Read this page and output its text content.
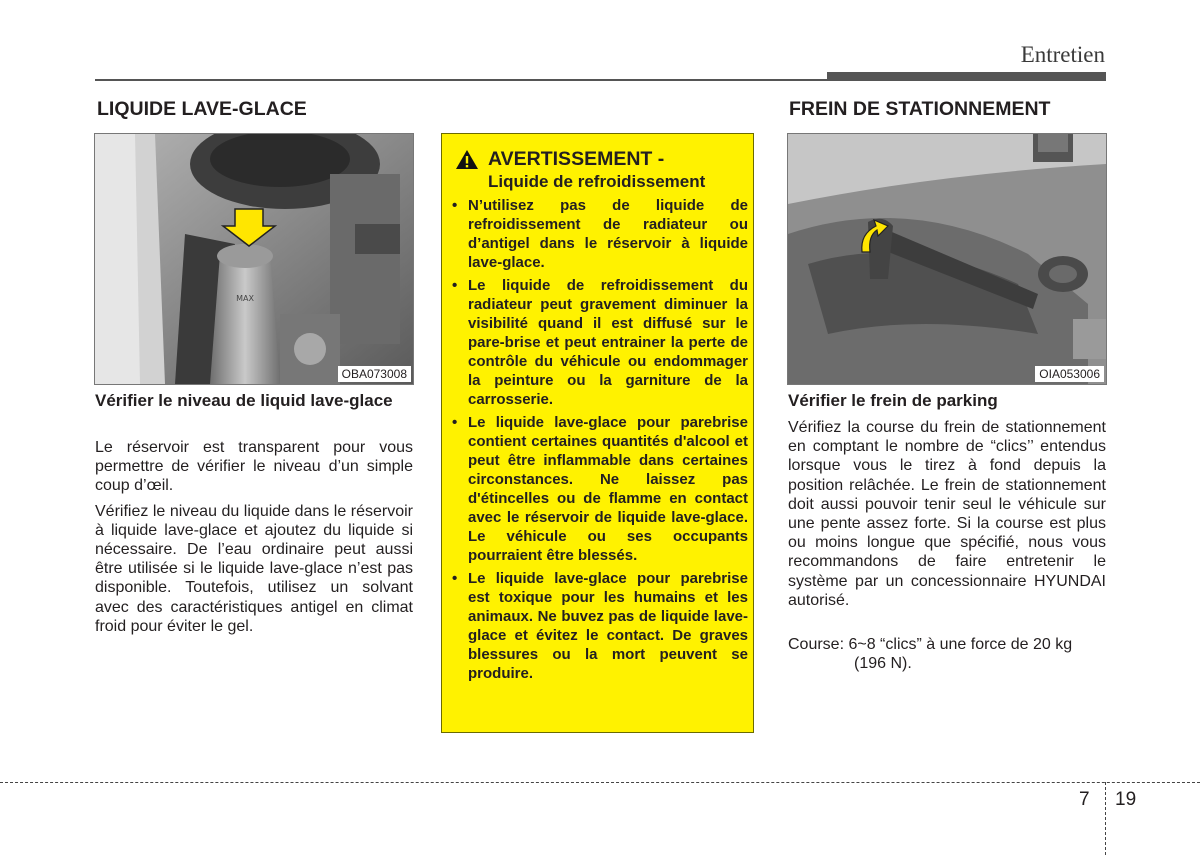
Entretien
LIQUIDE LAVE-GLACE
MAX
OBA073008
Vérifier le niveau de liquid lave-glace

Le réservoir est transparent pour vous permettre de vérifier le niveau d’un simple coup d’œil.

Vérifiez le niveau du liquide dans le réservoir à liquide lave-glace et ajoutez du liquide si nécessaire. De l’eau ordinaire peut aussi être utilisée si le liquide lave-glace n’est pas disponible. Toutefois, utilisez un solvant avec des caractéristiques antigel en climat froid pour éviter le gel.

AVERTISSEMENT -
Liquide de refroidissement
• N’utilisez pas de liquide de refroidissement de radiateur ou d’antigel dans le réservoir à liquide lave-glace.
• Le liquide de refroidissement du radiateur peut gravement diminuer la visibilité quand il est diffusé sur le pare-brise et peut entrainer la perte de contrôle du véhicule ou endommager la peinture ou la garniture de la carrosserie.
• Le liquide lave-glace pour parebrise contient certaines quantités d'alcool et peut être inflammable dans certaines circonstances. Ne laissez pas d'étincelles ou de flamme en contact avec le réservoir de liquide lave-glace. Le véhicule ou ses occupants pourraient être blessés.
• Le liquide lave-glace pour parebrise est toxique pour les humains et les animaux. Ne buvez pas de liquide lave-glace et évitez le contact. De graves blessures ou la mort peuvent se produire.
FREIN DE STATIONNEMENT
OIA053006
Vérifier le frein de parking

Vérifiez la course du frein de stationnement en comptant le nombre de “clics’’ entendus lorsque vous le tirez à fond depuis la position relâchée. Le frein de stationnement doit aussi pouvoir tenir seul le véhicule sur une pente assez forte. Si la course est plus ou moins longue que spécifié, nous vous recommandons de faire entretenir le système par un concessionnaire HYUNDAI autorisé.

Course: 6~8 “clics” à une force de 20 kg
(196 N).
7 19
